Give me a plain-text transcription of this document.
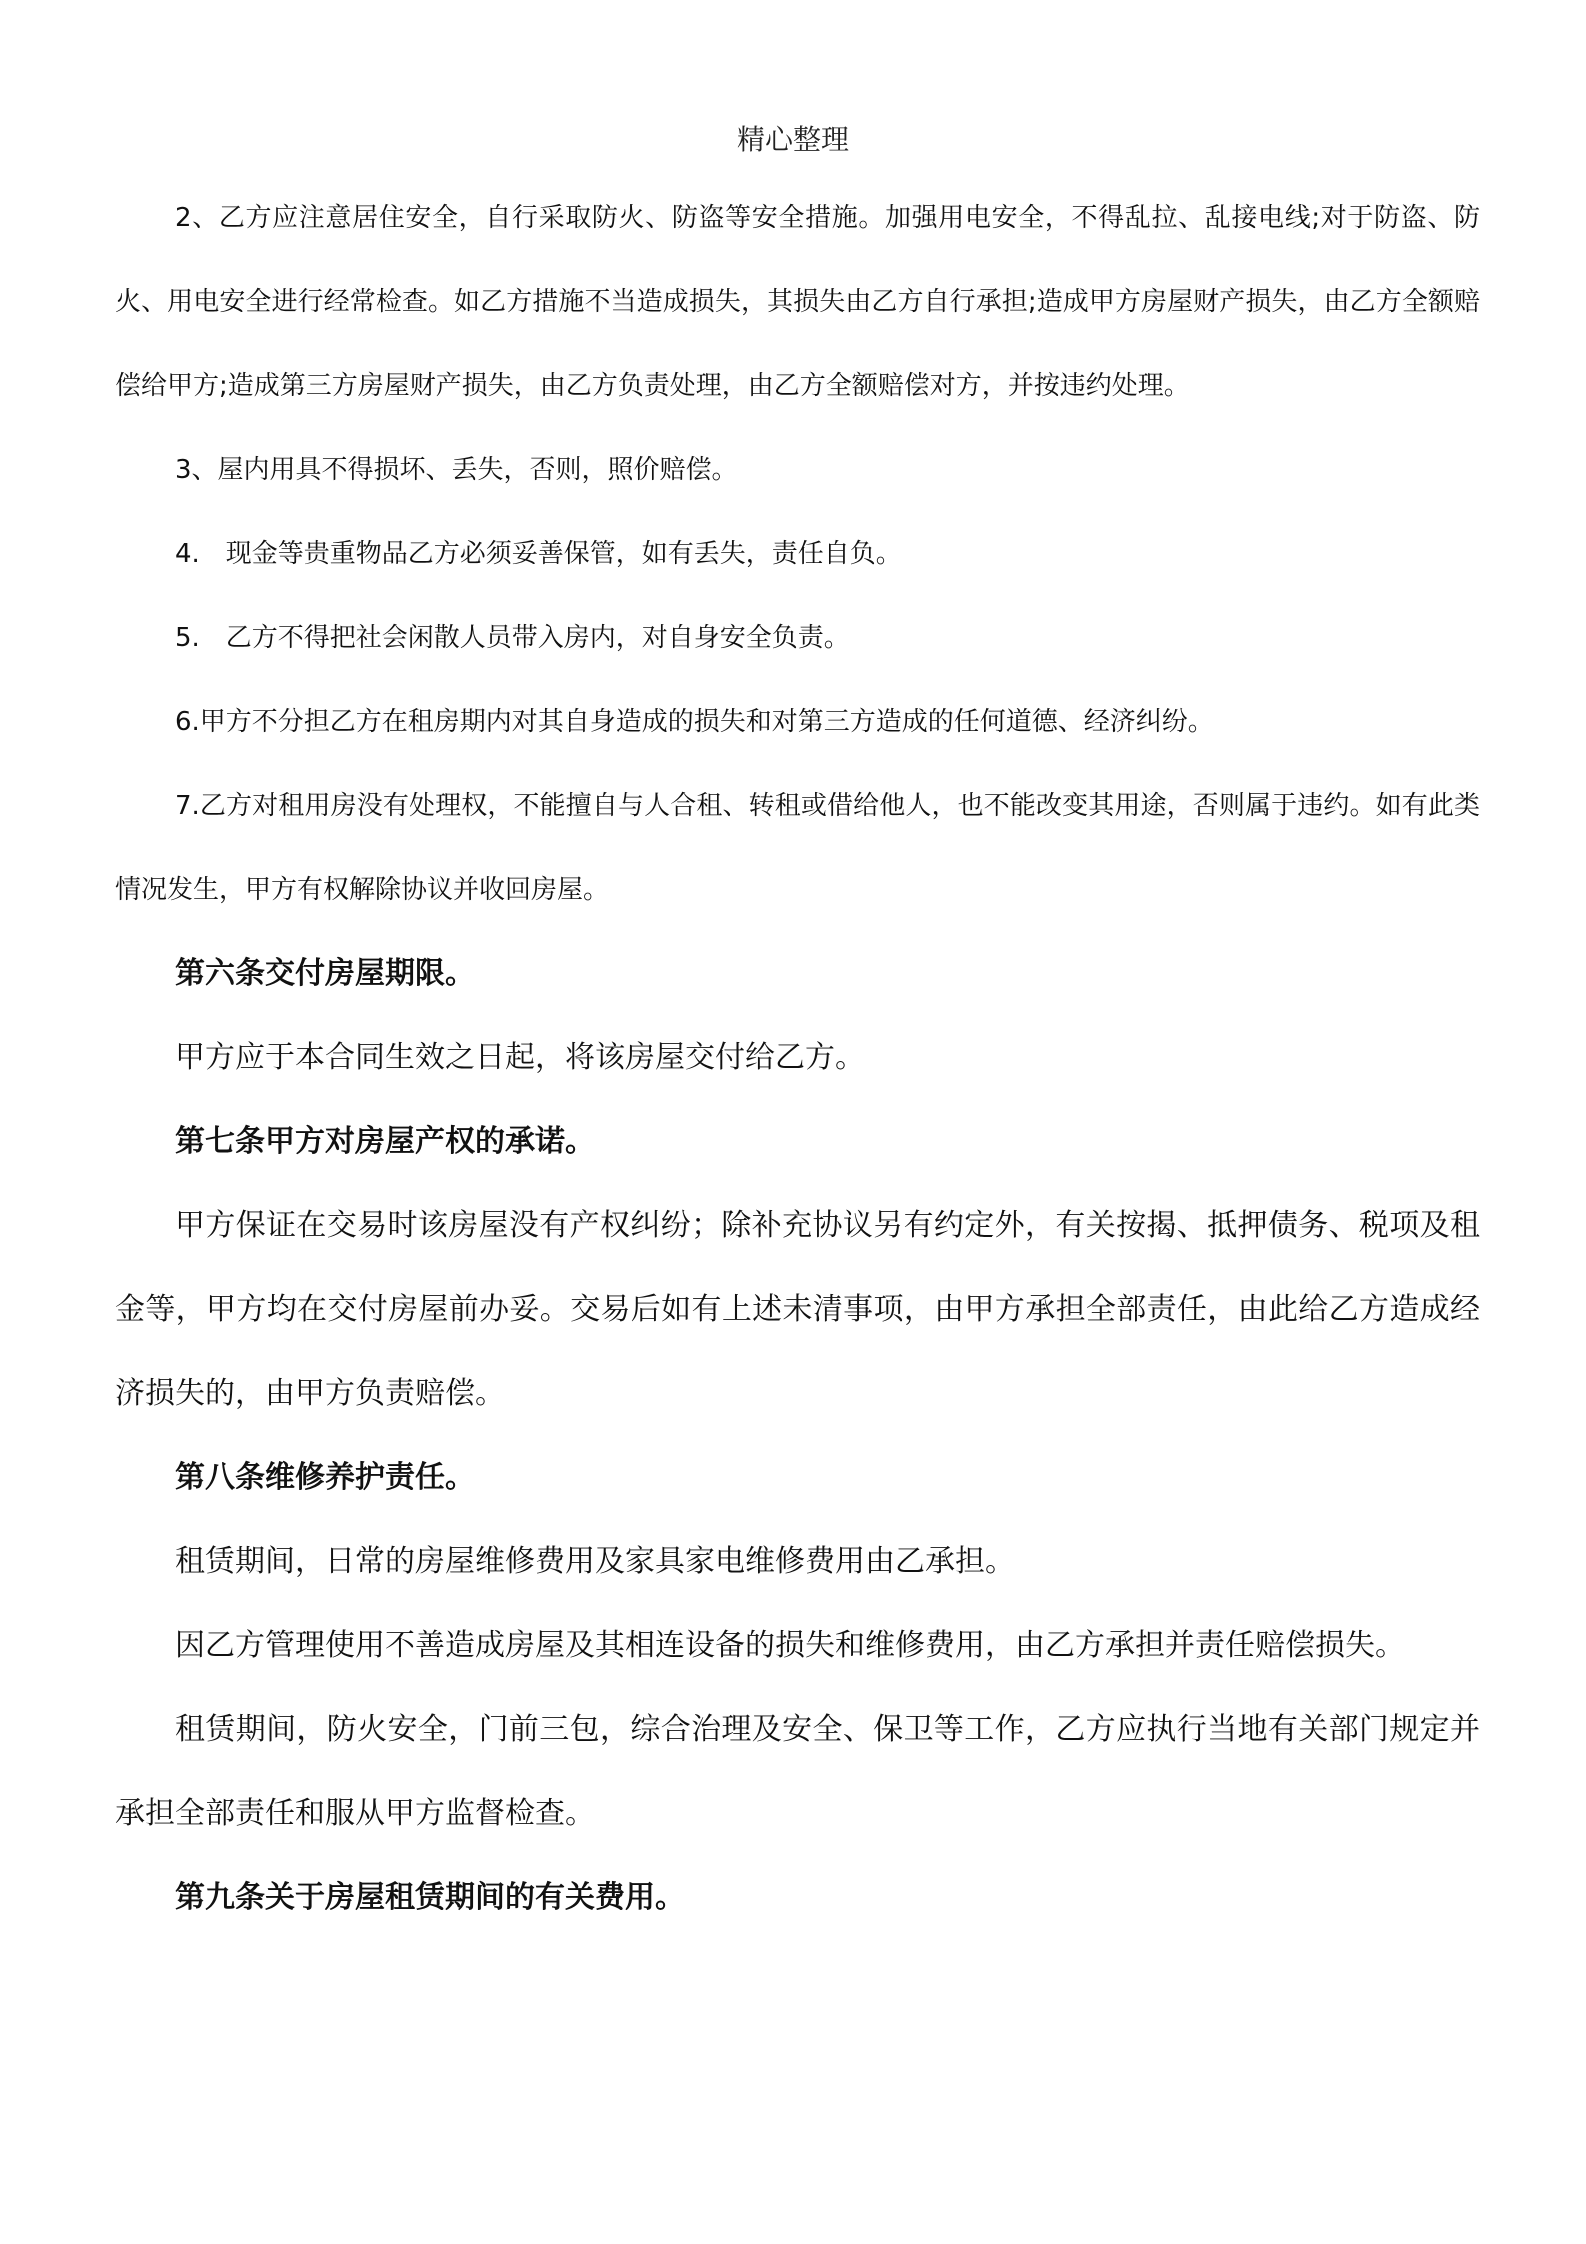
精心整理

2、乙方应注意居住安全，自行采取防火、防盗等安全措施。加强用电安全，不得乱拉、乱接电线;对于防盗、防火、用电安全进行经常检查。如乙方措施不当造成损失，其损失由乙方自行承担;造成甲方房屋财产损失，由乙方全额赔偿给甲方;造成第三方房屋财产损失，由乙方负责处理，由乙方全额赔偿对方，并按违约处理。

3、屋内用具不得损坏、丢失，否则，照价赔偿。

4.　现金等贵重物品乙方必须妥善保管，如有丢失，责任自负。

5.　乙方不得把社会闲散人员带入房内，对自身安全负责。

6.甲方不分担乙方在租房期内对其自身造成的损失和对第三方造成的任何道德、经济纠纷。

7.乙方对租用房没有处理权，不能擅自与人合租、转租或借给他人，也不能改变其用途，否则属于违约。如有此类情况发生，甲方有权解除协议并收回房屋。

第六条交付房屋期限。

甲方应于本合同生效之日起，将该房屋交付给乙方。

第七条甲方对房屋产权的承诺。

甲方保证在交易时该房屋没有产权纠纷；除补充协议另有约定外，有关按揭、抵押债务、税项及租金等，甲方均在交付房屋前办妥。交易后如有上述未清事项，由甲方承担全部责任，由此给乙方造成经济损失的，由甲方负责赔偿。

第八条维修养护责任。

租赁期间，日常的房屋维修费用及家具家电维修费用由乙承担。

因乙方管理使用不善造成房屋及其相连设备的损失和维修费用，由乙方承担并责任赔偿损失。

租赁期间，防火安全，门前三包，综合治理及安全、保卫等工作，乙方应执行当地有关部门规定并承担全部责任和服从甲方监督检查。

第九条关于房屋租赁期间的有关费用。
